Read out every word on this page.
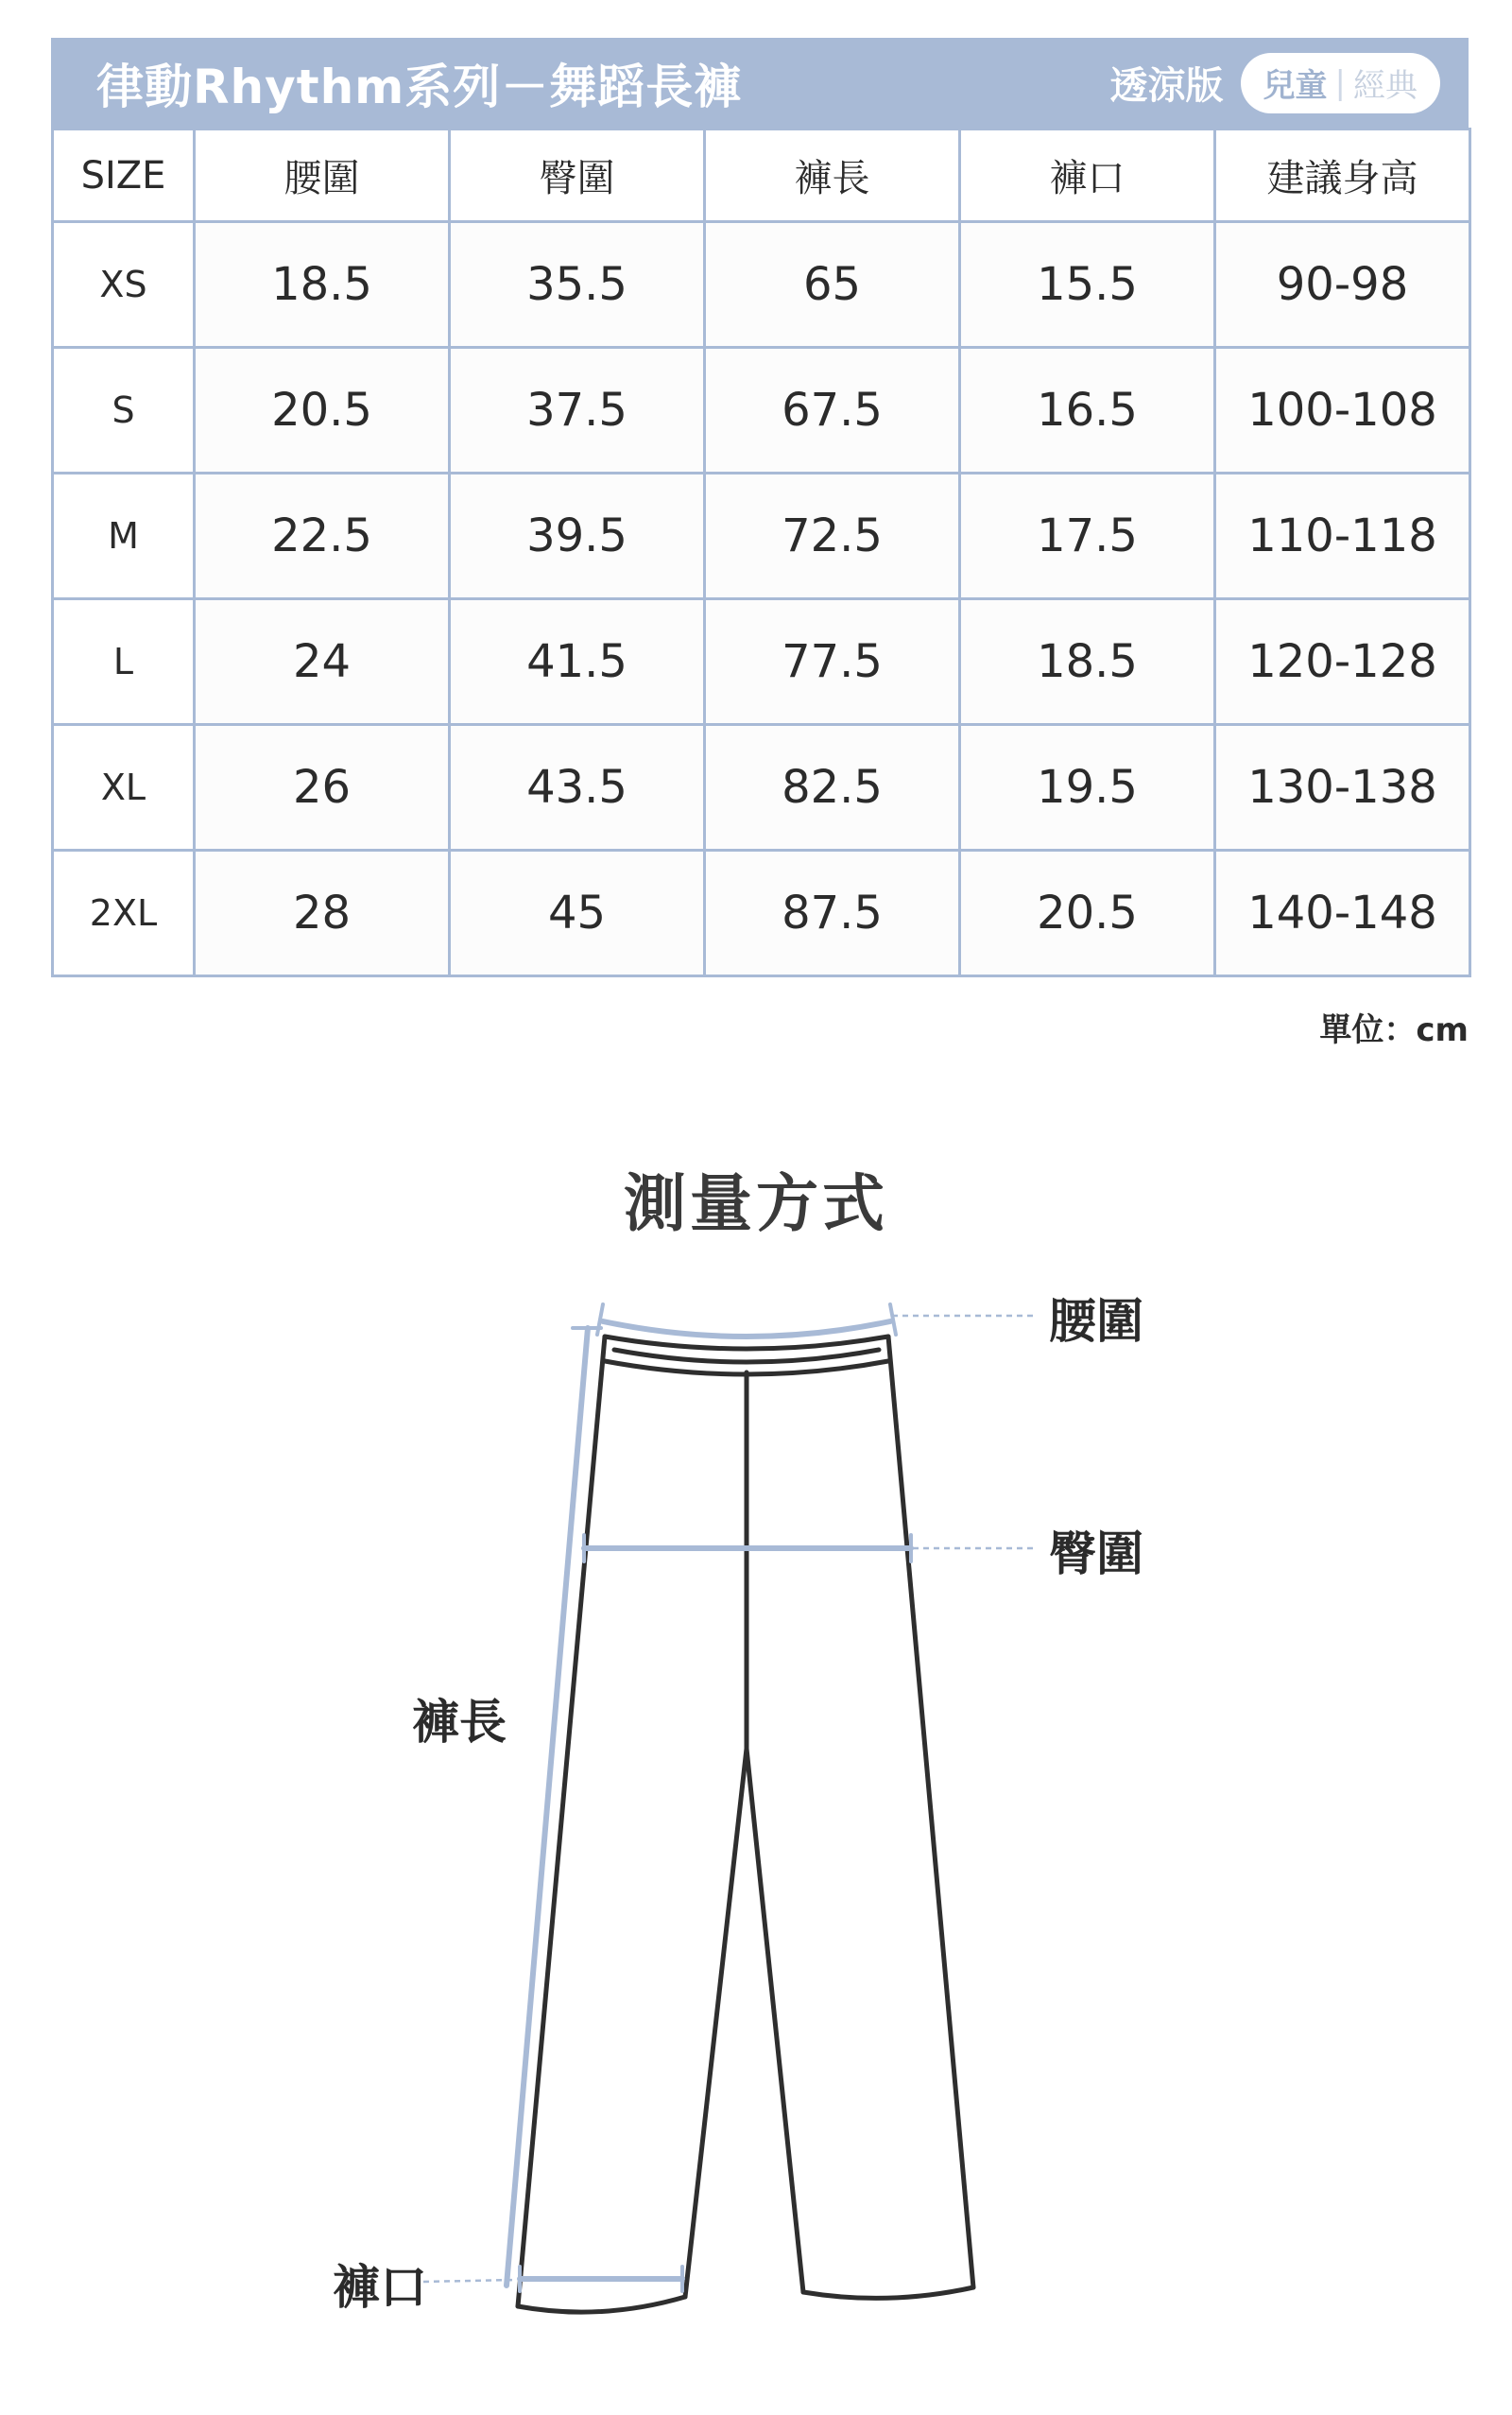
律動Rhythm系列－舞蹈長褲	透涼版 兒童 | 經典
SIZE	腰圍	臀圍	褲長	褲口	建議身高
XS	18.5	35.5	65	15.5	90-98
S	20.5	37.5	67.5	16.5	100-108
M	22.5	39.5	72.5	17.5	110-118
L	24	41.5	77.5	18.5	120-128
XL	26	43.5	82.5	19.5	130-138
2XL	28	45	87.5	20.5	140-148
單位：cm
測量方式
腰圍
臀圍
褲長
褲口
